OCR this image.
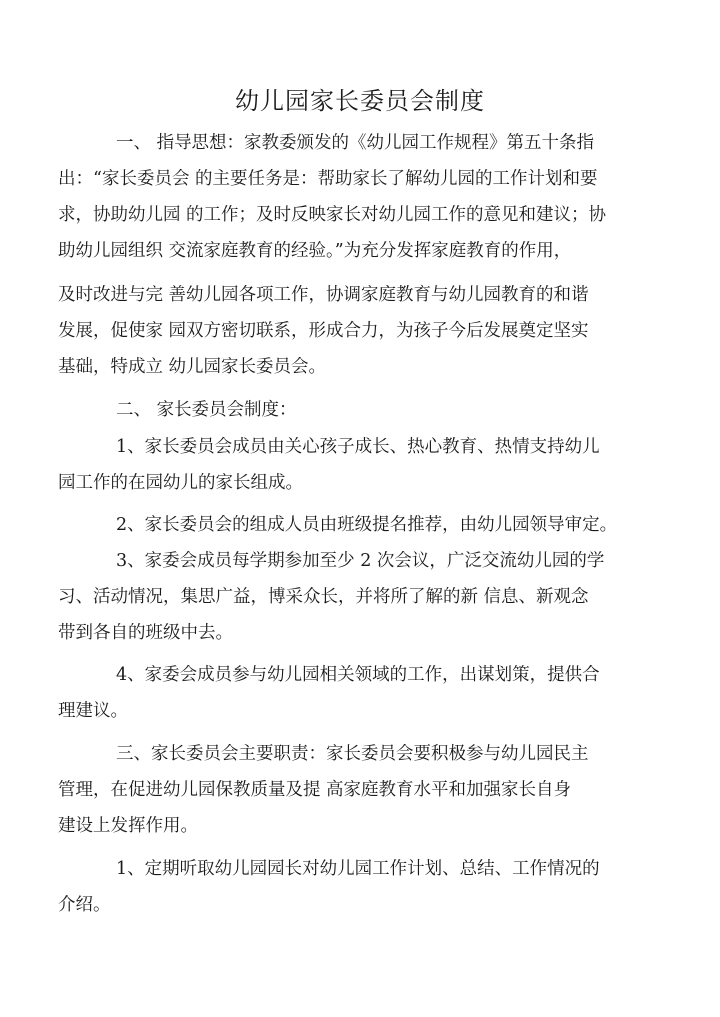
幼儿园家长委员会制度
一、 指导思想：家教委颁发的《幼儿园工作规程》第五十条指
出：“家长委员会 的主要任务是：帮助家长了解幼儿园的工作计划和要
求，协助幼儿园 的工作；及时反映家长对幼儿园工作的意见和建议；协
助幼儿园组织 交流家庭教育的经验。”为充分发挥家庭教育的作用，
及时改进与完 善幼儿园各项工作，协调家庭教育与幼儿园教育的和谐
发展，促使家 园双方密切联系，形成合力，为孩子今后发展奠定坚实
基础，特成立 幼儿园家长委员会。
二、 家长委员会制度：
1、家长委员会成员由关心孩子成长、热心教育、热情支持幼儿
园工作的在园幼儿的家长组成。
2、家长委员会的组成人员由班级提名推荐，由幼儿园领导审定。
3、家委会成员每学期参加至少 2 次会议，广泛交流幼儿园的学
习、活动情况，集思广益，博采众长，并将所了解的新 信息、新观念
带到各自的班级中去。
4、家委会成员参与幼儿园相关领域的工作，出谋划策，提供合
理建议。
三、家长委员会主要职责：家长委员会要积极参与幼儿园民主
管理，在促进幼儿园保教质量及提 高家庭教育水平和加强家长自身
建设上发挥作用。
1、定期听取幼儿园园长对幼儿园工作计划、总结、工作情况的
介绍。
